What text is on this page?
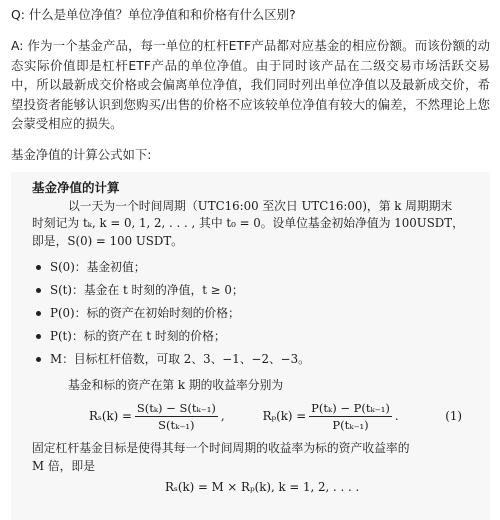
Q: 什么是单位净值？单位净值和和价格有什么区别?

A: 作为一个基金产品，每一单位的杠杆ETF产品都对应基金的相应份额。而该份额的动态实际价值即是杠杆ETF产品的单位净值。由于同时该产品在二级交易市场活跃交易中，所以最新成交价格或会偏离单位净值，我们同时列出单位净值以及最新成交价，希望投资者能够认识到您购买/出售的价格不应该较单位净值有较大的偏差，不然理论上您会蒙受相应的损失。

基金净值的计算公式如下:

基金净值的计算
以一天为一个时间周期（UTC16:00 至次日 UTC16:00)，第 k 周期期末
时刻记为 tₖ, k = 0, 1, 2, . . . , 其中 t₀ = 0。设单位基金初始净值为 100USDT，
即是，S(0) = 100 USDT。
S(0)：基金初值；
S(t)：基金在 t 时刻的净值，t ≥ 0；
P(0)：标的资产在初始时刻的价格；
P(t)：标的资产在 t 时刻的价格；
M：目标杠杆倍数，可取 2、3、−1、−2、−3。
基金和标的资产在第 k 期的收益率分别为
$R_s(k) = \frac{\text{S(tₖ) − S(tₖ₋₁)}}{\text{S(tₖ₋₁)}}$ ,	$R_p(k) = \frac{\text{P(tₖ) − P(tₖ₋₁)}}{\text{P(tₖ₋₁)}}$ .	(1)
固定杠杆基金目标是使得其每一个时间周期的收益率为标的资产收益率的
M 倍，即是
Rₛ(k) = M × Rₚ(k), k = 1, 2, . . . .
